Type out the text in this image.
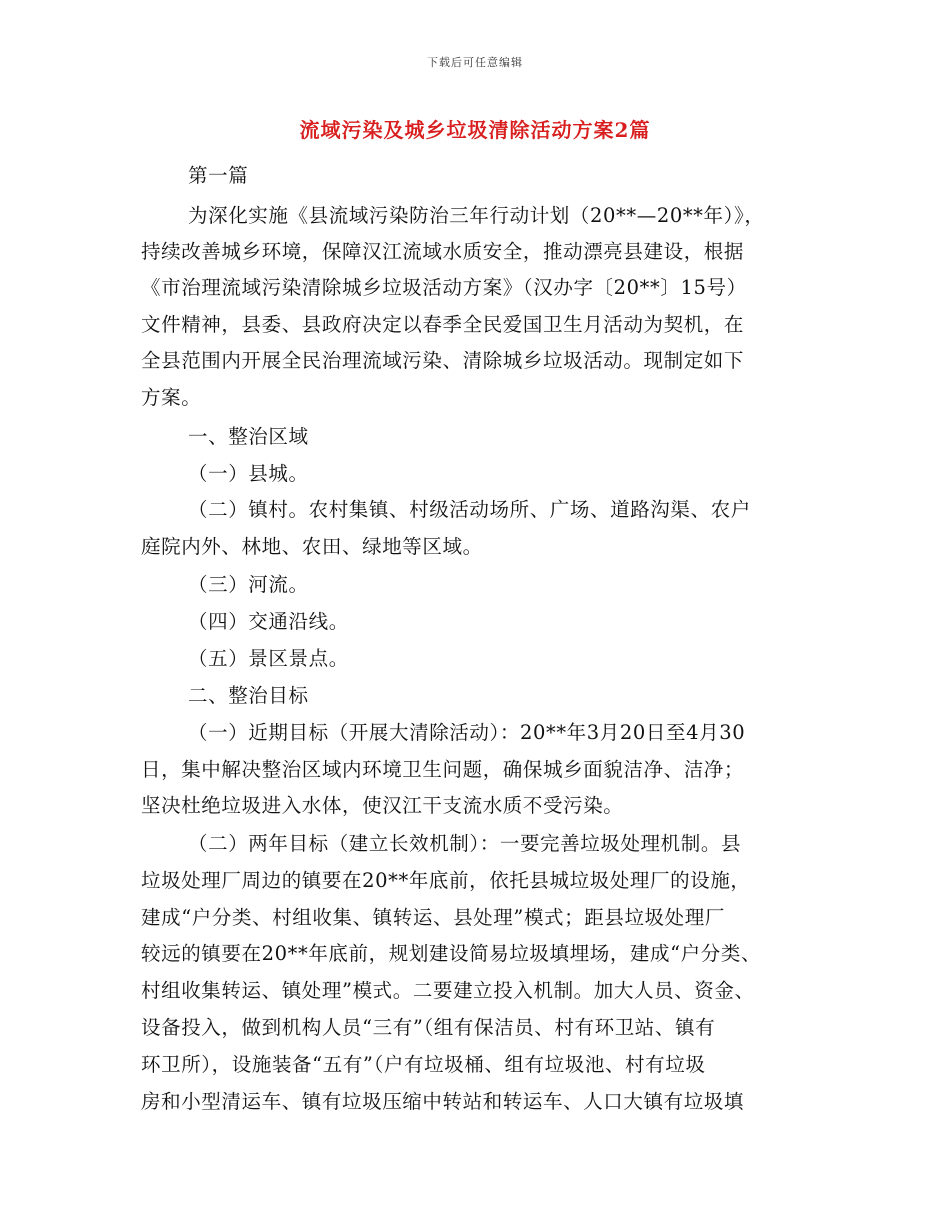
下载后可任意编辑
流域污染及城乡垃圾清除活动方案2篇
第一篇
为深化实施《县流域污染防治三年行动计划（20**—20**年）》，
持续改善城乡环境，保障汉江流域水质安全，推动漂亮县建设，根据
《市治理流域污染清除城乡垃圾活动方案》（汉办字〔20**〕15号）
文件精神，县委、县政府决定以春季全民爱国卫生月活动为契机，在
全县范围内开展全民治理流域污染、清除城乡垃圾活动。现制定如下
方案。
一、整治区域
（一）县城。
（二）镇村。农村集镇、村级活动场所、广场、道路沟渠、农户
庭院内外、林地、农田、绿地等区域。
（三）河流。
（四）交通沿线。
（五）景区景点。
二、整治目标
（一）近期目标（开展大清除活动）：20**年3月20日至4月30
日，集中解决整治区域内环境卫生问题，确保城乡面貌洁净、洁净；
坚决杜绝垃圾进入水体，使汉江干支流水质不受污染。
（二）两年目标（建立长效机制）：一要完善垃圾处理机制。县
垃圾处理厂周边的镇要在20**年底前，依托县城垃圾处理厂的设施，
建成“户分类、村组收集、镇转运、县处理”模式；距县垃圾处理厂
较远的镇要在20**年底前，规划建设简易垃圾填埋场，建成“户分类、
村组收集转运、镇处理”模式。二要建立投入机制。加大人员、资金、
设备投入，做到机构人员“三有”（组有保洁员、村有环卫站、镇有
环卫所），设施装备“五有”（户有垃圾桶、组有垃圾池、村有垃圾
房和小型清运车、镇有垃圾压缩中转站和转运车、人口大镇有垃圾填
